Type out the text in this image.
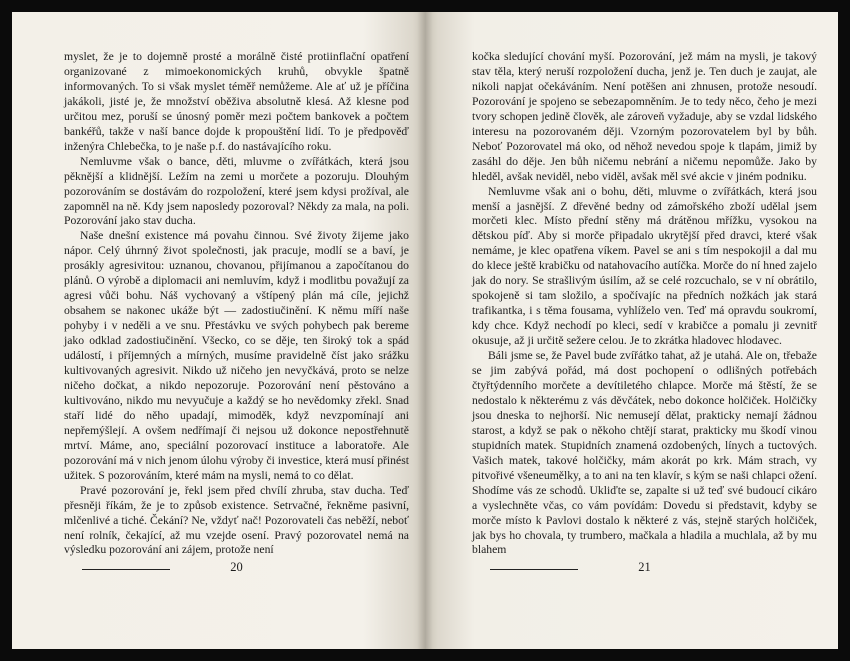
myslet, že je to dojemně prosté a morálně čisté protiinflační opatření organizované z mimoekonomických kruhů, obvykle špatně informovaných. To si však myslet téměř nemůžeme. Ale ať už je příčina jakákoli, jisté je, že množství oběživa absolutně klesá. Až klesne pod určitou mez, poruší se únosný poměr mezi počtem bankovek a počtem bankéřů, takže v naší bance dojde k propouštění lidí. To je předpověď inženýra Chlebečka, to je naše p.f. do nastávajícího roku.

Nemluvme však o bance, děti, mluvme o zvířátkách, která jsou pěknější a klidnější. Ležím na zemi u morčete a pozoruju. Dlouhým pozorováním se dostávám do rozpoložení, které jsem kdysi prožíval, ale zapomněl na ně. Kdy jsem naposledy pozoroval? Někdy za mala, na poli. Pozorování jako stav ducha.

Naše dnešní existence má povahu činnou. Své životy žijeme jako nápor. Celý úhrnný život společnosti, jak pracuje, modlí se a baví, je prosákly agresivitou: uznanou, chovanou, přijímanou a započítanou do plánů. O výrobě a diplomacii ani nemluvím, když i modlitbu považují za agresi vůči bohu. Náš vychovaný a vštípený plán má cíle, jejichž obsahem se nakonec ukáže být — zadostiučinění. K němu míří naše pohyby i v neděli a ve snu. Přestávku ve svých pohybech pak bereme jako odklad zadostiučinění. Všecko, co se děje, ten široký tok a spád událostí, i příjemných a mírných, musíme pravidelně číst jako srážku kultivovaných agresivit. Nikdo už ničeho jen nevyčkává, proto se nelze ničeho dočkat, a nikdo nepozoruje. Pozorování není pěstováno a kultivováno, nikdo mu nevyučuje a každý se ho nevědomky zřekl. Snad staří lidé do něho upadají, mimoděk, když nevzpomínají ani nepřemýšlejí. A ovšem nedřímají či nejsou už dokonce nepostřehnutě mrtví. Máme, ano, speciální pozorovací instituce a laboratoře. Ale pozorování má v nich jenom úlohu výroby či investice, která musí přinést užitek. S pozorováním, které mám na mysli, nemá to co dělat.

Pravé pozorování je, řekl jsem před chvílí zhruba, stav ducha. Teď přesněji říkám, že je to způsob existence. Setrvačné, řekněme pasivní, mlčenlivé a tiché. Čekání? Ne, vždyť nač! Pozorovateli čas neběží, neboť není rolník, čekající, až mu vzejde osení. Pravý pozorovatel nemá na výsledku pozorování ani zájem, protože není

20

kočka sledující chování myší. Pozorování, jež mám na mysli, je takový stav těla, který neruší rozpoložení ducha, jenž je. Ten duch je zaujat, ale nikoli napjat očekáváním. Není potěšen ani zhnusen, protože nesoudí. Pozorování je spojeno se sebezapomněním. Je to tedy něco, čeho je mezi tvory schopen jedině člověk, ale zároveň vyžaduje, aby se vzdal lidského interesu na pozorovaném ději. Vzorným pozorovatelem byl by bůh. Neboť Pozorovatel má oko, od něhož nevedou spoje k tlapám, jimiž by zasáhl do děje. Jen bůh ničemu nebrání a ničemu nepomůže. Jako by hleděl, avšak neviděl, nebo viděl, avšak měl své akcie v jiném podniku.

Nemluvme však ani o bohu, děti, mluvme o zvířátkách, která jsou menší a jasnější. Z dřevěné bedny od zámořského zboží udělal jsem morčeti klec. Místo přední stěny má drátěnou mřížku, vysokou na dětskou píď. Aby si morče připadalo ukrytější před dravci, které však nemáme, je klec opatřena víkem. Pavel se ani s tím nespokojil a dal mu do klece ještě krabičku od natahovacího autíčka. Morče do ní hned zajelo jak do nory. Se strašlivým úsilím, až se celé rozcuchalo, se v ní obrátilo, spokojeně si tam složilo, a spočívajíc na předních nožkách jak stará trafikantka, i s těma fousama, vyhlíželo ven. Teď má opravdu soukromí, kdy chce. Když nechodí po kleci, sedí v krabičce a pomalu ji zevnitř okusuje, až ji určitě sežere celou. Je to zkrátka hladovec hlodavec.

Báli jsme se, že Pavel bude zvířátko tahat, až je utahá. Ale on, třebaže se jim zabývá pořád, má dost pochopení o odlišných potřebách čtyřtýdenního morčete a devítiletého chlapce. Morče má štěstí, že se nedostalo k některému z vás děvčátek, nebo dokonce holčiček. Holčičky jsou dneska to nejhorší. Nic nemusejí dělat, prakticky nemají žádnou starost, a když se pak o někoho chtějí starat, prakticky mu škodí vinou stupidních matek. Stupidních znamená ozdobených, línych a tuctových. Vašich matek, takové holčičky, mám akorát po krk. Mám strach, vy pitvořivé všeneumělky, a to ani na ten klavír, s kým se naši chlapci ožení. Shodíme vás ze schodů. Ukliďte se, zapalte si už teď své budoucí cikáro a vyslechněte včas, co vám povídám: Dovedu si představit, kdyby se morče místo k Pavlovi dostalo k některé z vás, stejně starých holčiček, jak bys ho chovala, ty trumbero, mačkala a hladila a muchlala, až by mu blahem

21
